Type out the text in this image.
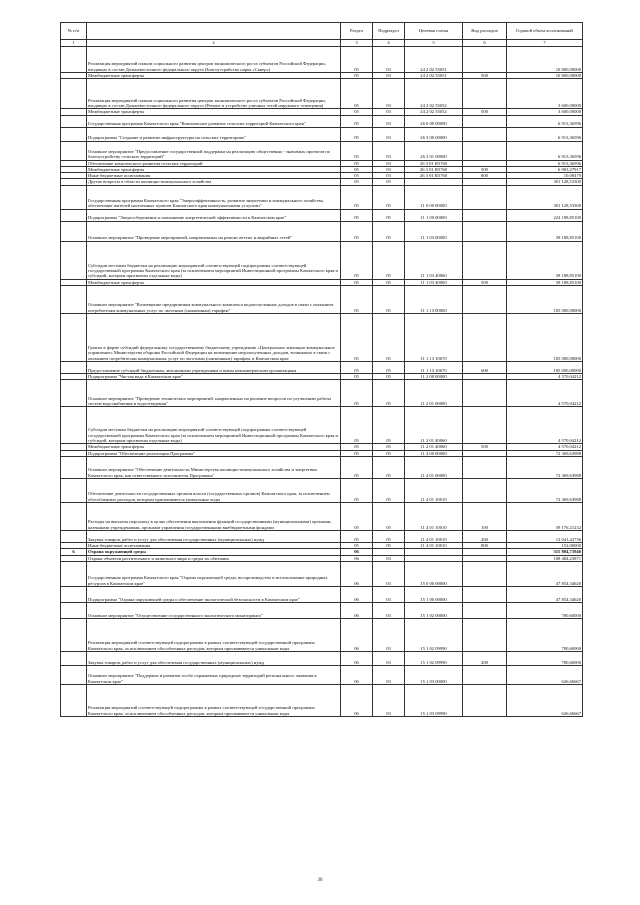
№ п/п		Раздел	Подраздел	Целевая статья	Вид расходов	Годовой объем ассигнований
1	2	3	4	5	6	7
	Реализация мероприятий планов социального развития центров экономического роста субъектов Российской Федерации, входящих в состав Дальневосточного федерального округа (Благоустройство парка «Сквер»)	05	03	24 2 02 55051		10 800,00000
	Межбюджетные трансферты	05	03	24 2 02 55051	500	10 800,00000
	Реализация мероприятий планов социального развития центров экономического роста субъектов Российской Федерации, входящих в состав Дальневосточного федерального округа (Ремонт и устройство уличных сетей наружного освещения)	05	03	24 2 02 55052		3 600,00000
	Межбюджетные трансферты	05	03	24 2 02 55052	500	3 600,00000
	Государственная программа Камчатского края "Комплексное развитие сельских территорий Камчатского края"	05	03	26 0 00 00000		6 913,36596
	Подпрограмма "Создание и развитие инфраструктуры на сельских территориях"	05	03	26 3 00 00000		6 913,36596
	Основное мероприятие "Предоставление государственной поддержки на реализацию общественно - значимых проектов по благоустройству сельских территорий"	05	03	26 3 01 00000		6 913,36596
	Обеспечение комплексного развития сельских территорий	05	03	26 3 01 R5760		6 913,36596
	Межбюджетные трансферты	05	03	26 3 01 R5760	500	6 903,27917
	Иные бюджетные ассигнования	05	03	26 3 01 R5760	800	10,08479
	Другие вопросы в области жилищно-коммунального хозяйства	05	05			301 128,53300
	Государственная программа Камчатского края "Энергоэффективность, развитие энергетики и коммунального хозяйства, обеспечение жителей населенных пунктов Камчатского края коммунальными услугами"	05	05	11 0 00 00000		301 128,53300
	Подпрограмма "Энергосбережение и повышение энергетической эффективности в Камчатском крае"	05	05	11 1 00 00000		224 188,85100
	Основное мероприятие "Проведение мероприятий, направленных на ремонт ветхих и аварийных сетей"	05	05	11 1 03 00000		39 188,85100
	Субсидии местным бюджетам на реализацию мероприятий соответствующей подпрограммы соответствующей государственной программы Камчатского края (за исключением мероприятий Инвестиционной программы Камчатского края и субсидий, которым присвоены отдельные коды)	05	05	11 1 03 40060		39 188,85100
	Межбюджетные трансферты	05	05	11 1 03 40060	500	39 188,85100
	Основное мероприятие "Возмещение предприятиям коммунального комплекса недополученных доходов в связи с оказанием потребителям коммунальных услуг по льготным (сниженным) тарифам"	05	05	11 1 13 00000		185 000,00000
	Гранты в форме субсидий федеральному государственному бюджетному учреждению «Центральное жилищно-коммунальное управление» Министерства обороны Российской Федерации на возмещение недополученных доходов, возникших в связи с оказанием потребителям коммунальных услуг по льготным (сниженным) тарифам, в Камчатском крае	05	05	11 1 13 10670		185 000,00000
	Предоставление субсидий бюджетным, автономным учреждениям и иным некоммерческим организациям	05	05	11 1 13 10670	600	185 000,00000
	Подпрограмма "Чистая вода в Камчатском крае"	05	05	11 2 00 00000		4 570,04212
	Основное мероприятие "Проведение технических мероприятий, направленных на решение вопросов по улучшению работы систем водоснабжения и водоотведения"	05	05	11 2 01 00000		4 570,04212
	Субсидии местным бюджетам на реализацию мероприятий соответствующей подпрограммы соответствующей государственной программы Камчатского края (за исключением мероприятий Инвестиционной программы Камчатского края и субсидий, которым присвоены отдельные коды)	05	05	11 2 01 40060		4 570,04212
	Межбюджетные трансферты	05	05	11 2 01 40060	500	4 570,04212
	Подпрограмма "Обеспечение реализации Программы"	05	05	11 4 00 00000		72 369,63988
	Основное мероприятие "Обеспечение деятельности Министерства жилищно-коммунального хозяйства и энергетики Камчатского края, как ответственного исполнителя Программы"	05	05	11 4 01 00000		72 369,63988
	Обеспечение деятельности государственных органов власти (государственных органов) Камчатского края, за исключением обособленных расходов, которым присваиваются уникальные коды	05	05	11 4 01 10010		72 369,63988
	Расходы на выплаты персоналу в целях обеспечения выполнения функций государственными (муниципальными) органами, казенными учреждениями, органами управления государственными внебюджетными фондами	05	05	11 4 01 10010	100	59 176,21232
	Закупка товаров, работ и услуг для обеспечения государственных (муниципальных) нужд	05	05	11 4 01 10010	200	13 041,42736
	Иные бюджетные ассигнования	05	05	11 4 01 10010	800	152,00000
6	Охрана окружающей среды	06				315 804,73946
	Охрана объектов растительного и животного мира и среды их обитания	06	03			108 484,23871
	Государственная программа Камчатского края "Охрана окружающей среды, воспроизводство и использование природных ресурсов в Камчатском крае"	06	03	15 0 00 00000		47 854,34620
	Подпрограмма "Охрана окружающей среды и обеспечение экологической безопасности в Камчатском крае"	06	03	15 1 00 00000		47 854,34620
	Основное мероприятие "Осуществление государственного экологического мониторинга"	06	03	15 1 02 00000		780,60000
	Реализация мероприятий соответствующей подпрограммы в рамках соответствующей государственной программы Камчатского края, за исключением обособленных расходов, которым присваиваются уникальные коды	06	03	15 1 02 09990		780,60000
	Закупка товаров, работ и услуг для обеспечения государственных (муниципальных) нужд	06	03	15 1 02 09990	200	780,60000
	Основное мероприятие "Поддержка и развитие особо охраняемых природных территорий регионального значения в Камчатском крае"	06	03	15 1 03 00000		626,66667
	Реализация мероприятий соответствующей подпрограммы в рамках соответствующей государственной программы Камчатского края, за исключением обособленных расходов, которым присваиваются уникальные коды	06	03	15 1 03 09990		626,66667
30
